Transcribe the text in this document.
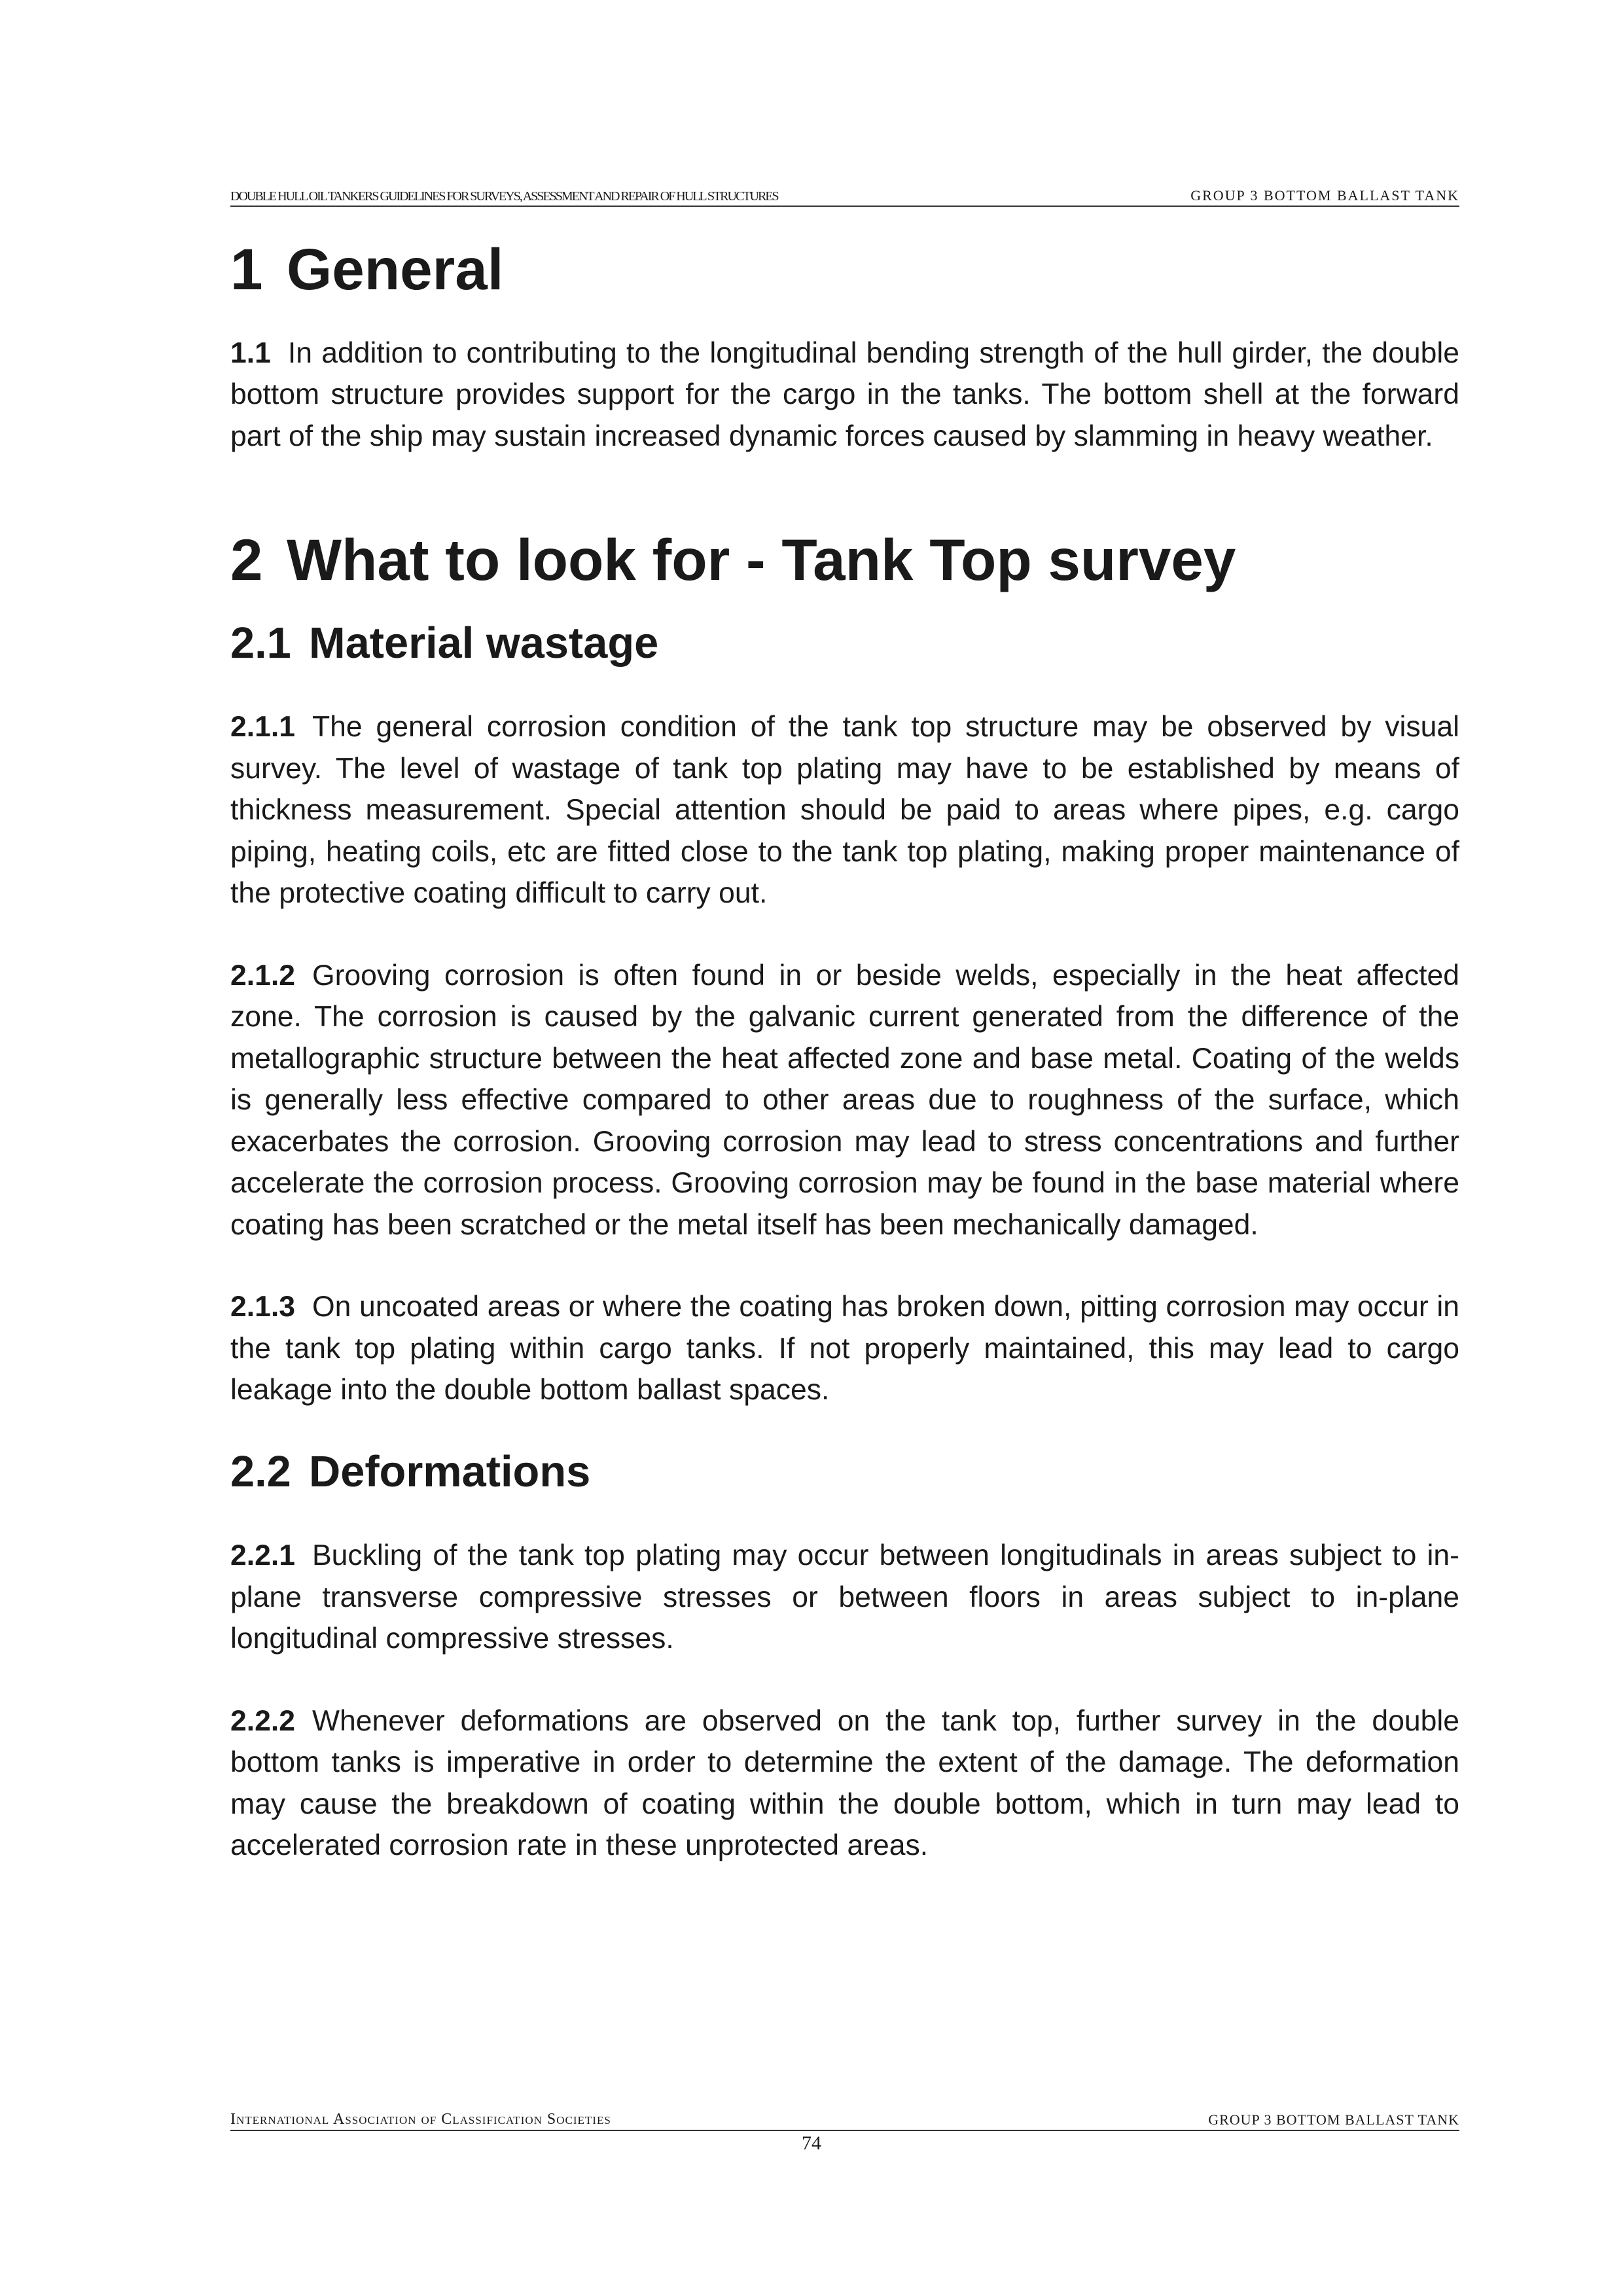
DOUBLE HULL OIL TANKERS GUIDELINES FOR SURVEYS, ASSESSMENT AND REPAIR OF HULL STRUCTURES	GROUP 3 BOTTOM BALLAST TANK
1 General

1.1 In addition to contributing to the longitudinal bending strength of the hull girder, the double bottom structure provides support for the cargo in the tanks. The bottom shell at the forward part of the ship may sustain increased dynamic forces caused by slamming in heavy weather.

2 What to look for - Tank Top survey
2.1 Material wastage

2.1.1 The general corrosion condition of the tank top structure may be observed by visual survey. The level of wastage of tank top plating may have to be established by means of thickness measurement. Special attention should be paid to areas where pipes, e.g. cargo piping, heating coils, etc are fitted close to the tank top plating, making proper maintenance of the protective coating difficult to carry out.

2.1.2 Grooving corrosion is often found in or beside welds, especially in the heat affected zone. The corrosion is caused by the galvanic current generated from the difference of the metallographic structure between the heat affected zone and base metal. Coating of the welds is generally less effective compared to other areas due to roughness of the surface, which exacerbates the corrosion. Grooving corrosion may lead to stress concentrations and further accelerate the corrosion process. Grooving corrosion may be found in the base material where coating has been scratched or the metal itself has been mechanically damaged.

2.1.3 On uncoated areas or where the coating has broken down, pitting corrosion may occur in the tank top plating within cargo tanks. If not properly maintained, this may lead to cargo leakage into the double bottom ballast spaces.

2.2 Deformations

2.2.1 Buckling of the tank top plating may occur between longitudinals in areas subject to in-plane transverse compressive stresses or between floors in areas subject to in-plane longitudinal compressive stresses.

2.2.2 Whenever deformations are observed on the tank top, further survey in the double bottom tanks is imperative in order to determine the extent of the damage. The deformation may cause the breakdown of coating within the double bottom, which in turn may lead to accelerated corrosion rate in these unprotected areas.

International Association of Classification Societies	GROUP 3 BOTTOM BALLAST TANK
74
